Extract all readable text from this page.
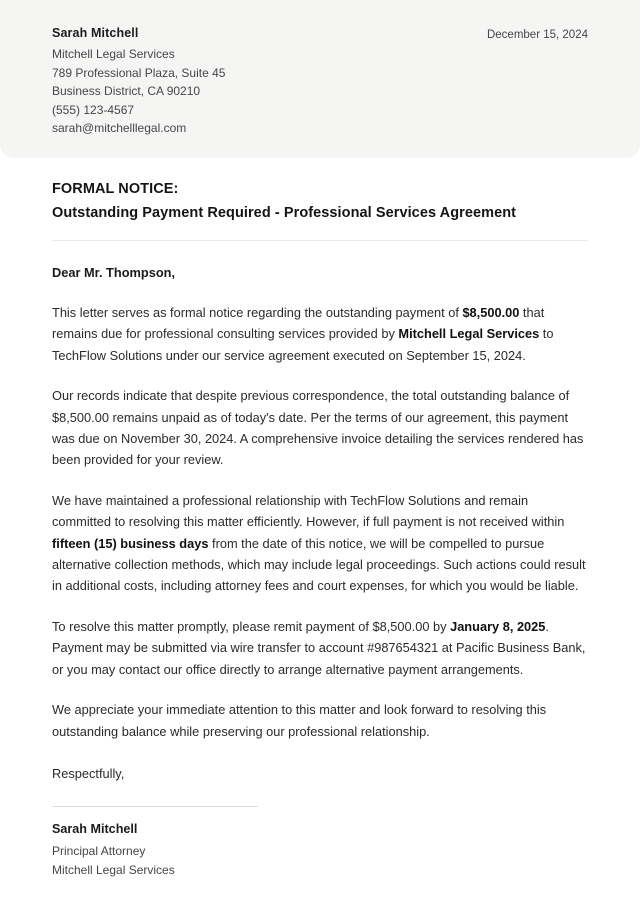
Sarah Mitchell
Mitchell Legal Services
789 Professional Plaza, Suite 45
Business District, CA 90210
(555) 123-4567
sarah@mitchelllegal.com
December 15, 2024
FORMAL NOTICE:
Outstanding Payment Required - Professional Services Agreement
Dear Mr. Thompson,

This letter serves as formal notice regarding the outstanding payment of $8,500.00 that remains due for professional consulting services provided by Mitchell Legal Services to TechFlow Solutions under our service agreement executed on September 15, 2024.

Our records indicate that despite previous correspondence, the total outstanding balance of $8,500.00 remains unpaid as of today's date. Per the terms of our agreement, this payment was due on November 30, 2024. A comprehensive invoice detailing the services rendered has been provided for your review.

We have maintained a professional relationship with TechFlow Solutions and remain committed to resolving this matter efficiently. However, if full payment is not received within fifteen (15) business days from the date of this notice, we will be compelled to pursue alternative collection methods, which may include legal proceedings. Such actions could result in additional costs, including attorney fees and court expenses, for which you would be liable.

To resolve this matter promptly, please remit payment of $8,500.00 by January 8, 2025. Payment may be submitted via wire transfer to account #987654321 at Pacific Business Bank, or you may contact our office directly to arrange alternative payment arrangements.

We appreciate your immediate attention to this matter and look forward to resolving this outstanding balance while preserving our professional relationship.

Respectfully,
Sarah Mitchell
Principal Attorney
Mitchell Legal Services
